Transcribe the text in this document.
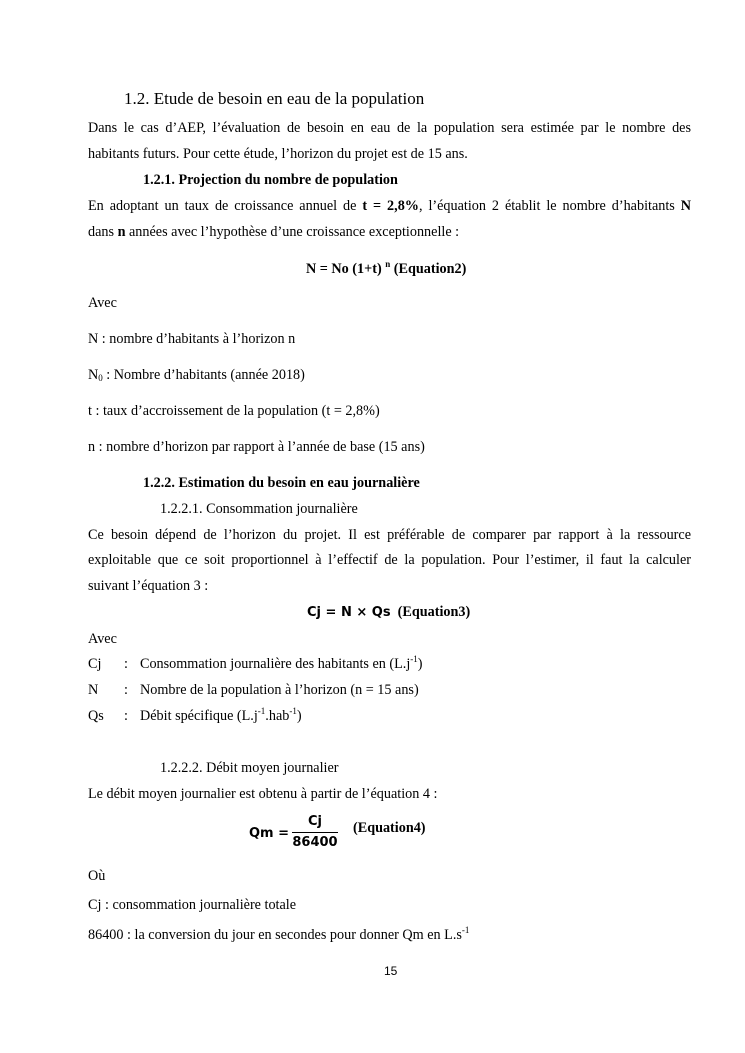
1.2. Etude de besoin en eau de la population
Dans le cas d’AEP, l’évaluation de besoin en eau de la population sera estimée par le nombre des
habitants futurs. Pour cette étude, l’horizon du projet est de 15 ans.
1.2.1. Projection du nombre de population
En adoptant un taux de croissance annuel de t = 2,8%, l’équation 2 établit le nombre d’habitants N
dans n années avec l’hypothèse d’une croissance exceptionnelle :
N = No (1+t) $^n$ (Equation2)
Avec
N : nombre d’habitants à l’horizon n
$N_0$ : Nombre d’habitants (année 2018)
t : taux d’accroissement de la population (t = 2,8%)
n : nombre d’horizon par rapport à l’année de base (15 ans)
1.2.2. Estimation du besoin en eau journalière
1.2.2.1. Consommation journalière
Ce besoin dépend de l’horizon du projet. Il est préférable de comparer par rapport à la ressource
exploitable que ce soit proportionnel à l’effectif de la population. Pour l’estimer, il faut la calculer
suivant l’équation 3 :
Cj = N × Qs (Equation3)
Avec
Cj : Consommation journalière des habitants en $(L.j^{-1})$
N : Nombre de la population à l’horizon (n = 15 ans)
Qs : Débit spécifique $(L.j^{-1}.hab^{-1})$
1.2.2.2. Débit moyen journalier
Le débit moyen journalier est obtenu à partir de l’équation 4 :
Qm =
Cj
86400
(Equation4)
Où
Cj : consommation journalière totale
86400 : la conversion du jour en secondes pour donner Qm en $L.s^{-1}$
15
